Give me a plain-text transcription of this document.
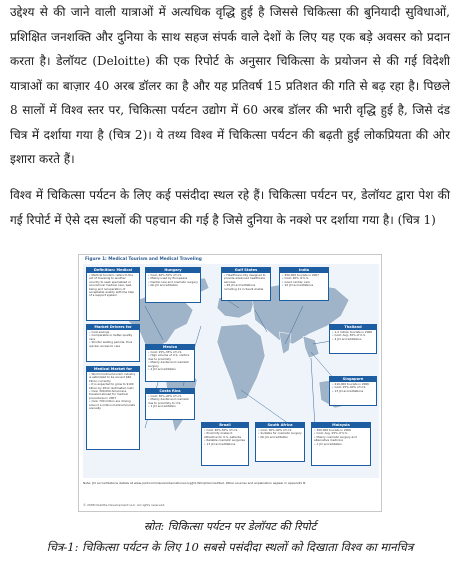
उद्देश्य से की जाने वाली यात्राओं में अत्यधिक वृद्धि हुई है जिससे चिकित्सा की बुनियादी सुविधाओं, प्रशिक्षित जनशक्ति और दुनिया के साथ सहज संपर्क वाले देशों के लिए यह एक बड़े अवसर को प्रदान करता है। डेलॉयट (Deloitte) की एक रिपोर्ट के अनुसार चिकित्सा के प्रयोजन से की गई विदेशी यात्राओं का बाज़ार 40 अरब डॉलर का है और यह प्रतिवर्ष 15 प्रतिशत की गति से बढ़ रहा है। पिछले 8 सालों में विश्व स्तर पर, चिकित्सा पर्यटन उद्योग में 60 अरब डॉलर की भारी वृद्धि हुई है, जिसे दंड चित्र में दर्शाया गया है (चित्र 2)। ये तथ्य विश्व में चिकित्सा पर्यटन की बढ़ती हुई लोकप्रियता की ओर इशारा करते हैं।

विश्व में चिकित्सा पर्यटन के लिए कई पसंदीदा स्थल रहे हैं। चिकित्सा पर्यटन पर, डेलॉयट द्वारा पेश की गई रिपोर्ट में ऐसे दस स्थलों की पहचान की गई है जिसे दुनिया के नक्शे पर दर्शाया गया है। (चित्र 1)

Figure 1: Medical Tourism and Medical Traveling
Definition: Medical
• Medical tourism: refers to the act of traveling to another country to seek specialized or economical medical care, well-being and recuperation of acceptable quality with the help of a support system
Market Drivers for
• Cost savings
• Comparable or better quality care
• Shorter waiting periods, thus quicker access to care
Medical Market for
• World medical tourism industry is estimated to be around $60 billion currently
• It is expected to grow to $100 billion by 2012 (estimated cost)
• Over 300,000 Americans traveled abroad for medical procedures in 2007
• Over 700 million are driving around a million medical tourists annually
Hungary
• Cost: 40%-50% of U.S.
• Mainly used by Europeans
• Dental care and cosmetic surgery
• No JCI accreditation
Mexico
• Cost: 25%-35% of U.S.
• High volume of U.S. visitors due to proximity
• Mainly dental and cosmetic surgery
• 2 JCI accreditation
Costa Rica
• Cost: 30%-40% of U.S.
• Mainly dental and cosmetic due to proximity to U.S.
• 1 JCI accreditation
Brazil
• Cost: 40%-50% of U.S.
• Proximity makes it attractive for U.S. patients
• Reliable cosmetic surgeries
• 13 JCI accreditations
Gulf States
• Healthcare City designed to provide advanced healthcare services
• 28 JCI accreditations including 11 in Saudi Arabia
India
• 450,000 tourists in 2007
• Cost: 20% of U.S.
• Good cardiac care
• 10 JCI accreditations
Thailand
• 1.2 million tourists in 2006
• Cost: Avg. 30% of U.S.
• 4 JCI accreditations
Singapore
• 410,000 tourists in 2006
• Cost: 25%-40% of U.S.
• 13 JCI accreditations
South Africa
• Cost: 30%-40% of U.S.
• Suitable for cosmetic surgery
• No JCI accreditation
Malaysia
• 300,000 tourists in 2006
• Cost: Avg. 25% of U.S.
• Mainly cosmetic surgery and alternative medicine
• 1 JCI accreditation
Note: JCI accreditations details at www.jointcommissioninternational.org/JCI-WhoJCIAccredited. Other sources and explanation appear in Appendix B.
© 2008 Deloitte Development LLC. All rights reserved.
स्रोत: चिकित्सा पर्यटन पर डेलॉयट की रिपोर्ट
चित्र-1: चिकित्सा पर्यटन के लिए 10 सबसे पसंदीदा स्थलों को दिखाता विश्व का मानचित्र
